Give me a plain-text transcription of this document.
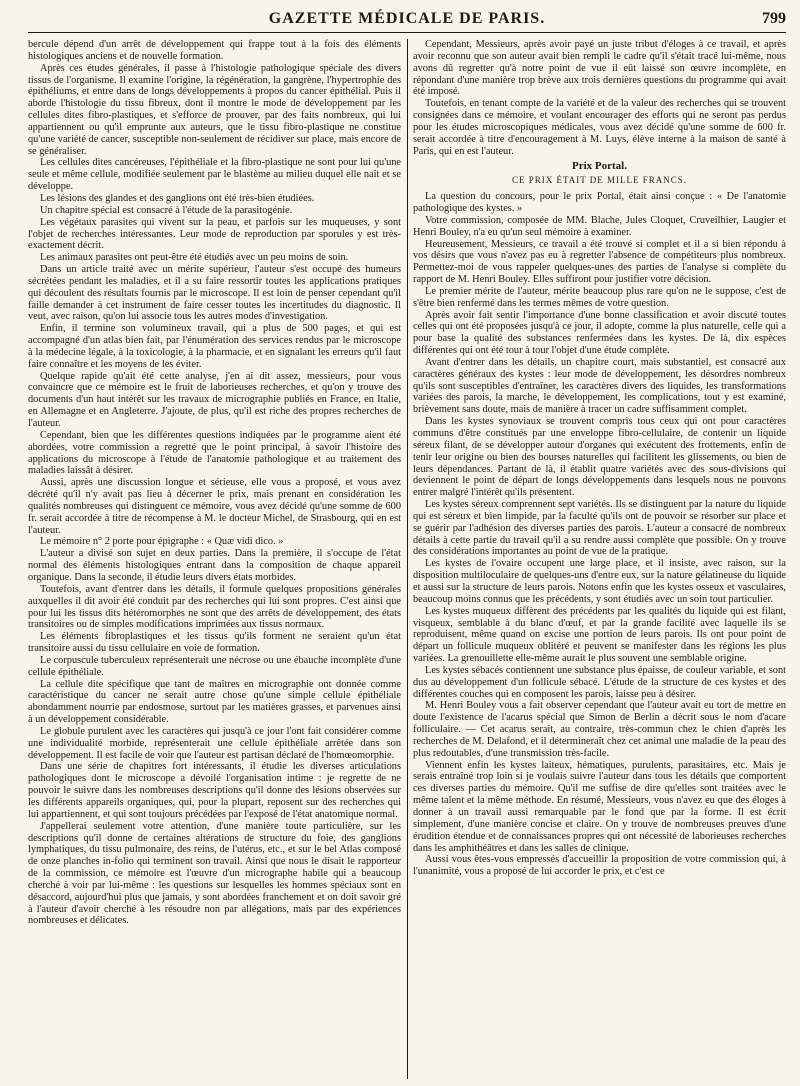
GAZETTE MÉDICALE DE PARIS.	799

bercule dépend d'un arrêt de développement qui frappe tout à la fois des éléments histologiques anciens et de nouvelle formation.

Après ces études générales, il passe à l'histologie pathologique spéciale des divers tissus de l'organisme. Il examine l'origine, la régénération, la gangrène, l'hypertrophie des épithéliums, et entre dans de longs développements à propos du cancer épithélial. Puis il aborde l'histologie du tissu fibreux, dont il montre le mode de développement par les cellules dites fibro-plastiques, et s'efforce de prouver, par des faits nombreux, qui lui appartiennent ou qu'il emprunte aux auteurs, que le tissu fibro-plastique ne constitue qu'une variété de cancer, susceptible non-seulement de récidiver sur place, mais encore de se généraliser.

Les cellules dites cancéreuses, l'épithéliale et la fibro-plastique ne sont pour lui qu'une seule et même cellule, modifiée seulement par le blastème au milieu duquel elle naît et se développe.

Les lésions des glandes et des ganglions ont été très-bien étudiées.

Un chapitre spécial est consacré à l'étude de la parasitogénie.

Les végétaux parasites qui vivent sur la peau, et parfois sur les muqueuses, y sont l'objet de recherches intéressantes. Leur mode de reproduction par sporules y est très-exactement décrit.

Les animaux parasites ont peut-être été étudiés avec un peu moins de soin.

Dans un article traité avec un mérite supérieur, l'auteur s'est occupé des humeurs sécrétées pendant les maladies, et il a su faire ressortir toutes les applications pratiques qui découlent des résultats fournis par le microscope. Il est loin de penser cependant qu'il faille demander à cet instrument de faire cesser toutes les incertitudes du diagnostic. Il veut, avec raison, qu'on lui associe tous les autres modes d'investigation.

Enfin, il termine son volumineux travail, qui a plus de 500 pages, et qui est accompagné d'un atlas bien fait, par l'énumération des services rendus par le microscope à la médecine légale, à la toxicologie, à la pharmacie, et en signalant les erreurs qu'il faut faire connaître et les moyens de les éviter.

Quelque rapide qu'ait été cette analyse, j'en ai dit assez, messieurs, pour vous convaincre que ce mémoire est le fruit de laborieuses recherches, et qu'on y trouve des documents d'un haut intérêt sur les travaux de micrographie publiés en France, en Italie, en Allemagne et en Angleterre. J'ajoute, de plus, qu'il est riche des propres recherches de l'auteur.

Cependant, bien que les différentes questions indiquées par le programme aient été abordées, votre commission a regretté que le point principal, à savoir l'histoire des applications du microscope à l'étude de l'anatomie pathologique et au traitement des maladies laissât à désirer.

Aussi, après une discussion longue et sérieuse, elle vous a proposé, et vous avez décrété qu'il n'y avait pas lieu à décerner le prix, mais prenant en considération les qualités nombreuses qui distinguent ce mémoire, vous avez décidé qu'une somme de 600 fr. serait accordée à titre de récompense à M. le docteur Michel, de Strasbourg, qui en est l'auteur.

Le mémoire n° 2 porte pour épigraphe : « Quæ vidi dico. »

L'auteur a divisé son sujet en deux parties. Dans la première, il s'occupe de l'état normal des éléments histologiques entrant dans la composition de chaque appareil organique. Dans la seconde, il étudie leurs divers états morbides.

Toutefois, avant d'entrer dans les détails, il formule quelques propositions générales auxquelles il dit avoir été conduit par des recherches qui lui sont propres. C'est ainsi que pour lui les tissus dits hétéromorphes ne sont que des arrêts de développement, des états transitoires ou de simples modifications imprimées aux tissus normaux.

Les éléments fibroplastiques et les tissus qu'ils forment ne seraient qu'un état transitoire aussi du tissu cellulaire en voie de formation.

Le corpuscule tuberculeux représenterait une nécrose ou une ébauche incomplète d'une cellule épithéliale.

La cellule dite spécifique que tant de maîtres en micrographie ont donnée comme caractéristique du cancer ne serait autre chose qu'une simple cellule épithéliale abondamment nourrie par endosmose, surtout par les matières grasses, et parvenues ainsi à un développement considérable.

Le globule purulent avec les caractères qui jusqu'à ce jour l'ont fait considérer comme une individualité morbide, représenterait une cellule épithéliale arrêtée dans son développement. Il est facile de voir que l'auteur est partisan déclaré de l'homœomorphie.

Dans une série de chapitres fort intéressants, il étudie les diverses articulations pathologiques dont le microscope a dévoilé l'organisation intime : je regrette de ne pouvoir le suivre dans les nombreuses descriptions qu'il donne des lésions observées sur les différents appareils organiques, qui, pour la plupart, reposent sur des recherches qui lui appartiennent, et qui sont toujours précédées par l'exposé de l'état anatomique normal.

J'appellerai seulement votre attention, d'une manière toute particulière, sur les descriptions qu'il donne de certaines altérations de structure du foie, des ganglions lymphatiques, du tissu pulmonaire, des reins, de l'utérus, etc., et sur le bel Atlas composé de onze planches in-folio qui terminent son travail. Ainsi que nous le disait le rapporteur de la commission, ce mémoire est l'œuvre d'un micrographe habile qui a beaucoup cherché à voir par lui-même : les questions sur lesquelles les hommes spéciaux sont en désaccord, aujourd'hui plus que jamais, y sont abordées franchement et on doit savoir gré à l'auteur d'avoir cherché à les résoudre non par allégations, mais par des expériences nombreuses et délicates.

Cependant, Messieurs, après avoir payé un juste tribut d'éloges à ce travail, et après avoir reconnu que son auteur avait bien rempli le cadre qu'il s'était tracé lui-même, nous avons dû regretter qu'à notre point de vue il eût laissé son œuvre incomplète, en répondant d'une manière trop brève aux trois dernières questions du programme qui avait été imposé.

Toutefois, en tenant compte de la variété et de la valeur des recherches qui se trouvent consignées dans ce mémoire, et voulant encourager des efforts qui ne seront pas perdus pour les études microscopiques médicales, vous avez décidé qu'une somme de 600 fr. serait accordée à titre d'encouragement à M. Luys, élève interne à la maison de santé à Paris, qui en est l'auteur.

Prix Portal.
CE PRIX ÉTAIT DE MILLE FRANCS.

La question du concours, pour le prix Portal, était ainsi conçue : « De l'anatomie pathologique des kystes. »

Votre commission, composée de MM. Blache, Jules Cloquet, Cruveilhier, Laugier et Henri Bouley, n'a eu qu'un seul mémoire à examiner.

Heureusement, Messieurs, ce travail a été trouvé si complet et il a si bien répondu à vos désirs que vous n'avez pas eu à regretter l'absence de compétiteurs plus nombreux. Permettez-moi de vous rappeler quelques-unes des parties de l'analyse si complète du rapport de M. Henri Bouley. Elles suffiront pour justifier votre décision.

Le premier mérite de l'auteur, mérite beaucoup plus rare qu'on ne le suppose, c'est de s'être bien renfermé dans les termes mêmes de votre question.

Après avoir fait sentir l'importance d'une bonne classification et avoir discuté toutes celles qui ont été proposées jusqu'à ce jour, il adopte, comme la plus naturelle, celle qui a pour base la qualité des substances renfermées dans les kystes. De là, dix espèces différentes qui ont été tour à tour l'objet d'une étude complète.

Avant d'entrer dans les détails, un chapitre court, mais substantiel, est consacré aux caractères généraux des kystes : leur mode de développement, les désordres nombreux qu'ils sont susceptibles d'entraîner, les caractères divers des liquides, les transformations variées des parois, la marche, le développement, les complications, tout y est examiné, brièvement sans doute, mais de manière à tracer un cadre suffisamment complet.

Dans les kystes synoviaux se trouvent compris tous ceux qui ont pour caractères communs d'être constitués par une enveloppe fibro-cellulaire, de contenir un liquide séreux filant, de se développer autour d'organes qui exécutent des frottements, enfin de tenir leur origine ou bien des bourses naturelles qui facilitent les glissements, ou bien de leurs dépendances. Partant de là, il établit quatre variétés avec des sous-divisions qui deviennent le point de départ de longs développements dans lesquels nous ne pouvons entrer malgré l'intérêt qu'ils présentent.

Les kystes séreux comprennent sept variétés. Ils se distinguent par la nature du liquide qui est séreux et bien limpide, par la faculté qu'ils ont de pouvoir se résorber sur place et se guérir par l'adhésion des diverses parties des parois. L'auteur a consacré de nombreux détails à cette partie du travail qu'il a su rendre aussi complète que possible. On y trouve des considérations importantes au point de vue de la pratique.

Les kystes de l'ovaire occupent une large place, et il insiste, avec raison, sur la disposition multiloculaire de quelques-uns d'entre eux, sur la nature gélatineuse du liquide et aussi sur la structure de leurs parois. Notons enfin que les kystes osseux et vasculaires, beaucoup moins connus que les précédents, y sont étudiés avec un soin tout particulier.

Les kystes muqueux diffèrent des précédents par les qualités du liquide qui est filant, visqueux, semblable à du blanc d'œuf, et par la grande facilité avec laquelle ils se reproduisent, même quand on excise une portion de leurs parois. Ils ont pour point de départ un follicule muqueux oblitéré et peuvent se manifester dans les régions les plus variées. La grenouillette elle-même aurait le plus souvent une semblable origine.

Les kystes sébacés contiennent une substance plus épaisse, de couleur variable, et sont dus au développement d'un follicule sébacé. L'étude de la structure de ces kystes et des différentes couches qui en composent les parois, laisse peu à désirer.

M. Henri Bouley vous a fait observer cependant que l'auteur avait eu tort de mettre en doute l'existence de l'acarus spécial que Simon de Berlin a décrit sous le nom d'acare folliculaire. — Cet acarus serait, au contraire, très-commun chez le chien d'après les recherches de M. Delafond, et il détermineraît chez cet animal une maladie de la peau des plus redoutables, d'une transmission très-facile.

Viennent enfin les kystes laiteux, hématiques, purulents, parasitaires, etc. Mais je serais entraîné trop loin si je voulais suivre l'auteur dans tous les détails que comportent ces diverses parties du mémoire. Qu'il me suffise de dire qu'elles sont traitées avec le même talent et la même méthode. En résumé, Messieurs, vous n'avez eu que des éloges à donner à un travail aussi remarquable par le fond que par la forme. Il est écrit simplement, d'une manière concise et claire. On y trouve de nombreuses preuves d'une érudition étendue et de connaissances propres qui ont nécessité de laborieuses recherches dans les amphithéâtres et dans les salles de clinique.

Aussi vous êtes-vous empressés d'accueillir la proposition de votre commission qui, à l'unanimité, vous a proposé de lui accorder le prix, et c'est ce
